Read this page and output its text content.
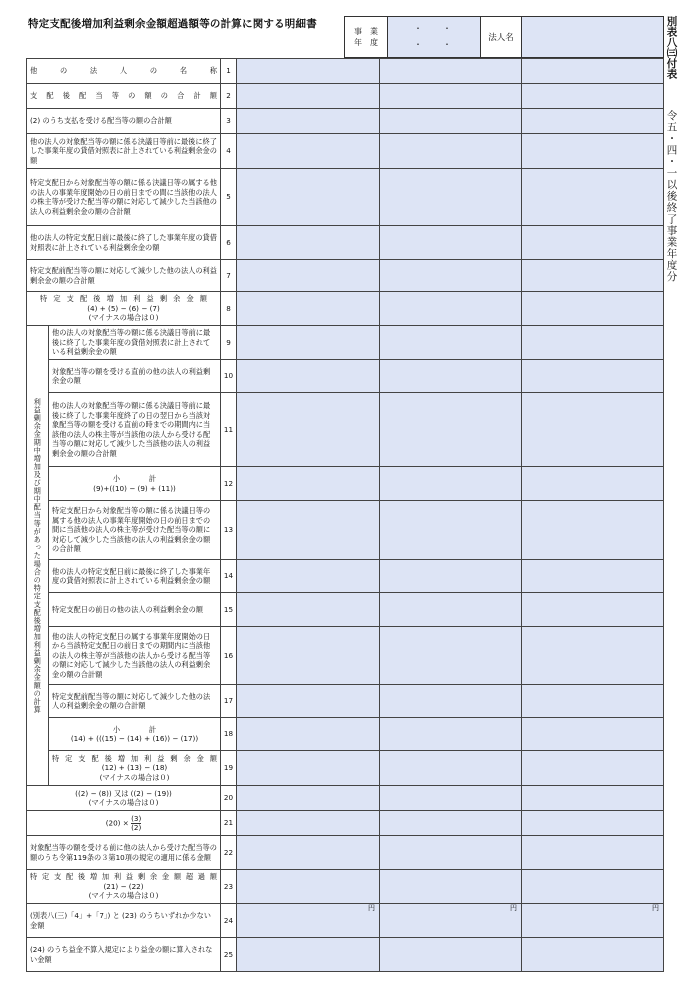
特定支配後増加利益剰余金額超過額等の計算に関する明細書
事　業
年　度
・	・
・	・
法人名	別表八㈢付表
令五・四・一以後終了事業年度分
他の法人の名称		1			
支配後配当等の額の合計額		2			
(2) のうち支払を受ける配当等の額の合計額		3			
他の法人の対象配当等の額に係る決議日等前に最後に終了した事業年度の貸借対照表に計上されている利益剰余金の額		4			
特定支配日から対象配当等の額に係る決議日等の属する他の法人の事業年度開始の日の前日までの間に当該他の法人の株主等が受けた配当等の額に対応して減少した当該他の法人の利益剰余金の額の合計額		5			
他の法人の特定支配日前に最後に終了した事業年度の貸借対照表に計上されている利益剰余金の額		6			
特定支配前配当等の額に対応して減少した他の法人の利益剰余金の額の合計額		7			

特定支配後増加利益剰余金額
(4) + (5) − (6) − (7)
(マイナスの場合は０)		8			
利益剰余金期中増加及び期中配当等があった場合の特定支配後増加利益剰余金額の計算	他の法人の対象配当等の額に係る決議日等前に最後に終了した事業年度の貸借対照表に計上されている利益剰余金の額	9			
	対象配当等の額を受ける直前の他の法人の利益剰余金の額	10			
	他の法人の対象配当等の額に係る決議日等前に最後に終了した事業年度終了の日の翌日から当該対象配当等の額を受ける直前の時までの期間内に当該他の法人の株主等が当該他の法人から受ける配当等の額に対応して減少した当該他の法人の利益剰余金の額の合計額	11			

	小　　　　計
(9)+((10) − (9) + (11))	12			
	特定支配日から対象配当等の額に係る決議日等の属する他の法人の事業年度開始の日の前日までの間に当該他の法人の株主等が受けた配当等の額に対応して減少した当該他の法人の利益剰余金の額の合計額	13			
	他の法人の特定支配日前に最後に終了した事業年度の貸借対照表に計上されている利益剰余金の額	14			
	特定支配日の前日の他の法人の利益剰余金の額	15			
	他の法人の特定支配日の属する事業年度開始の日から当該特定支配日の前日までの期間内に当該他の法人の株主等が当該他の法人から受ける配当等の額に対応して減少した当該他の法人の利益剰余金の額の合計額	16			
	特定支配前配当等の額に対応して減少した他の法人の利益剰余金の額の合計額	17			

	小　　　　計
(14) + (((15) − (14) + (16)) − (17))	18			

	特定支配後増加利益剰余金額
(12) + (13) − (18)
(マイナスの場合は０)	19			

((2) − (8)) 又は ((2) − (19))
(マイナスの場合は０)		20			
$(20) \times \frac{(3)}{(2)}$		21			
対象配当等の額を受ける前に他の法人から受けた配当等の額のうち令第119条の３第10項の規定の適用に係る金額		22			

特定支配後増加利益剰余金額超過額
(21) − (22)
(マイナスの場合は０)		23			
(別表八(三)「4」+「7」) と (23) のうちいずれか少ない金額		24	円	円	円
(24) のうち益金不算入規定により益金の額に算入されない金額		25			
